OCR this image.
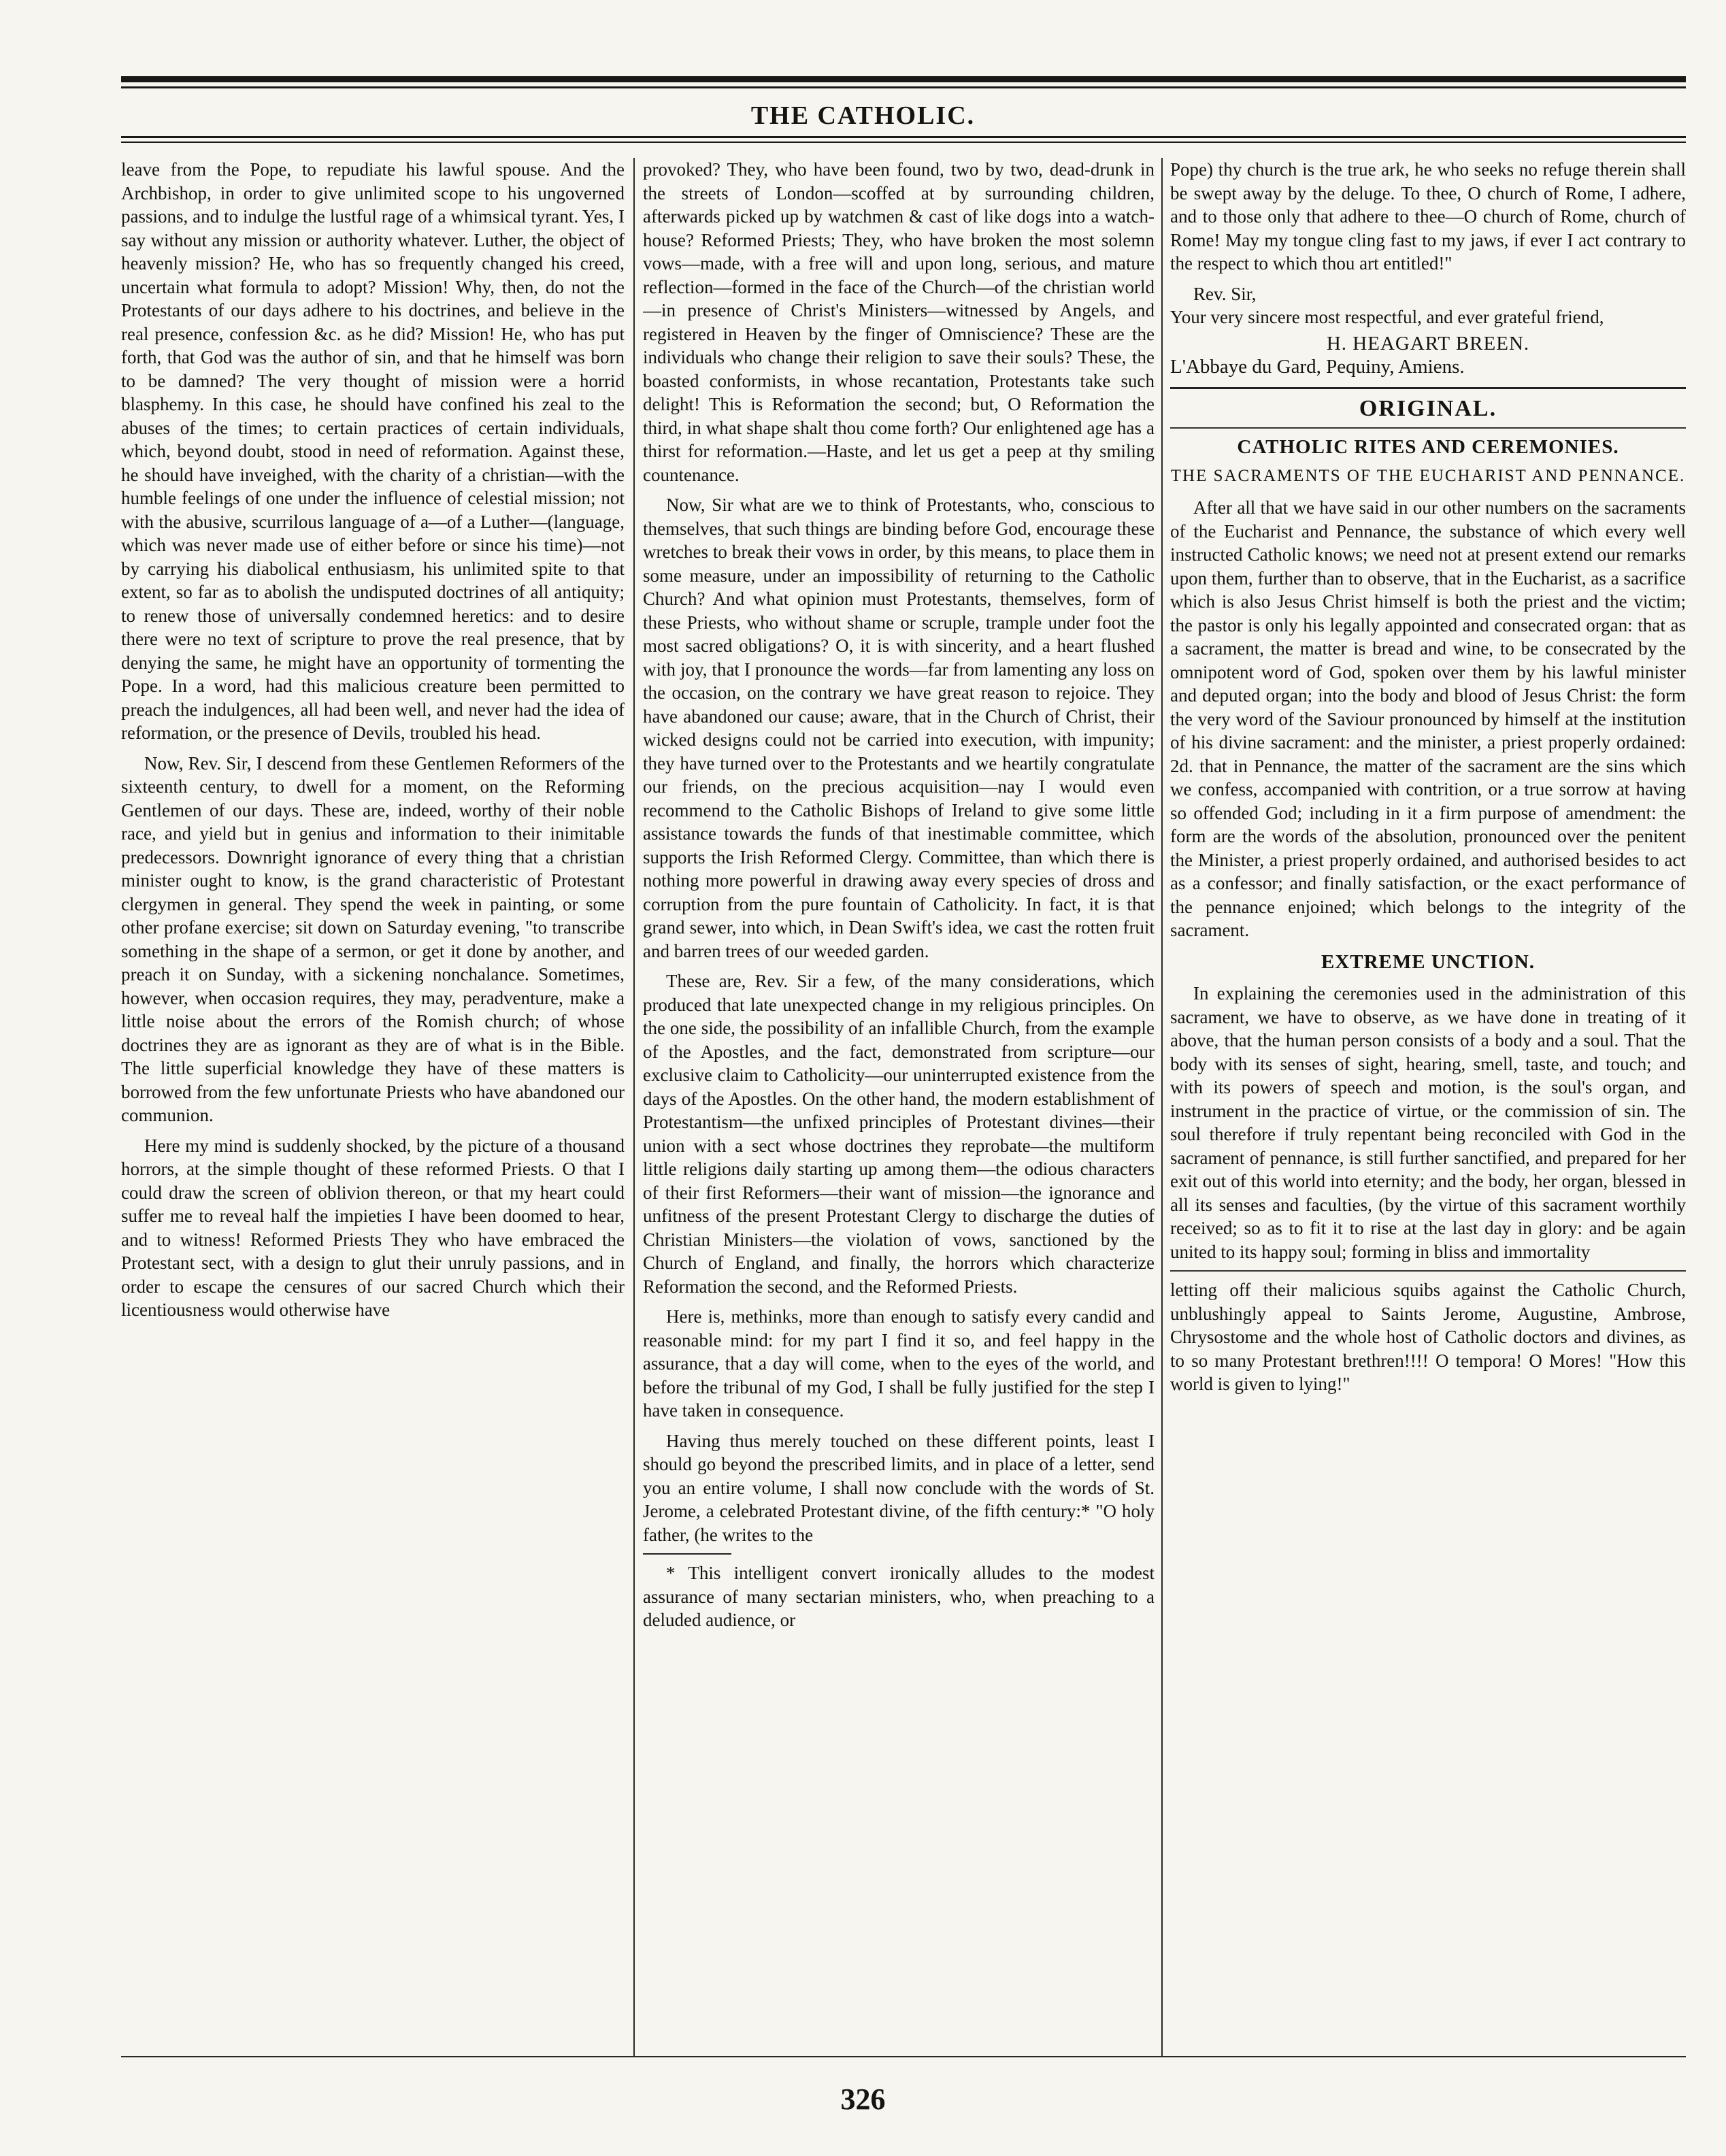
THE CATHOLIC.

leave from the Pope, to repudiate his lawful spouse. And the Archbishop, in order to give unlimited scope to his ungoverned passions, and to indulge the lustful rage of a whimsical tyrant. Yes, I say without any mission or authority whatever. Luther, the object of heavenly mission? He, who has so frequently changed his creed, uncertain what formula to adopt? Mission! Why, then, do not the Protestants of our days adhere to his doctrines, and believe in the real presence, confession &c. as he did? Mission! He, who has put forth, that God was the author of sin, and that he himself was born to be damned? The very thought of mission were a horrid blasphemy. In this case, he should have confined his zeal to the abuses of the times; to certain practices of certain individuals, which, beyond doubt, stood in need of reformation. Against these, he should have inveighed, with the charity of a christian—with the humble feelings of one under the influence of celestial mission; not with the abusive, scurrilous language of a—of a Luther—(language, which was never made use of either before or since his time)—not by carrying his diabolical enthusiasm, his unlimited spite to that extent, so far as to abolish the undisputed doctrines of all antiquity; to renew those of universally condemned heretics: and to desire there were no text of scripture to prove the real presence, that by denying the same, he might have an opportunity of tormenting the Pope. In a word, had this malicious creature been permitted to preach the indulgences, all had been well, and never had the idea of reformation, or the presence of Devils, troubled his head.

Now, Rev. Sir, I descend from these Gentlemen Reformers of the sixteenth century, to dwell for a moment, on the Reforming Gentlemen of our days. These are, indeed, worthy of their noble race, and yield but in genius and information to their inimitable predecessors. Downright ignorance of every thing that a christian minister ought to know, is the grand characteristic of Protestant clergymen in general. They spend the week in painting, or some other profane exercise; sit down on Saturday evening, "to transcribe something in the shape of a sermon, or get it done by another, and preach it on Sunday, with a sickening nonchalance. Sometimes, however, when occasion requires, they may, peradventure, make a little noise about the errors of the Romish church; of whose doctrines they are as ignorant as they are of what is in the Bible. The little superficial knowledge they have of these matters is borrowed from the few unfortunate Priests who have abandoned our communion.

Here my mind is suddenly shocked, by the picture of a thousand horrors, at the simple thought of these reformed Priests. O that I could draw the screen of oblivion thereon, or that my heart could suffer me to reveal half the impieties I have been doomed to hear, and to witness! Reformed Priests They who have embraced the Protestant sect, with a design to glut their unruly passions, and in order to escape the censures of our sacred Church which their licentiousness would otherwise have

provoked? They, who have been found, two by two, dead-drunk in the streets of London—scoffed at by surrounding children, afterwards picked up by watchmen & cast of like dogs into a watch-house? Reformed Priests; They, who have broken the most solemn vows—made, with a free will and upon long, serious, and mature reflection—formed in the face of the Church—of the christian world—in presence of Christ's Ministers—witnessed by Angels, and registered in Heaven by the finger of Omniscience? These are the individuals who change their religion to save their souls? These, the boasted conformists, in whose recantation, Protestants take such delight! This is Reformation the second; but, O Reformation the third, in what shape shalt thou come forth? Our enlightened age has a thirst for reformation.—Haste, and let us get a peep at thy smiling countenance.

Now, Sir what are we to think of Protestants, who, conscious to themselves, that such things are binding before God, encourage these wretches to break their vows in order, by this means, to place them in some measure, under an impossibility of returning to the Catholic Church? And what opinion must Protestants, themselves, form of these Priests, who without shame or scruple, trample under foot the most sacred obligations? O, it is with sincerity, and a heart flushed with joy, that I pronounce the words—far from lamenting any loss on the occasion, on the contrary we have great reason to rejoice. They have abandoned our cause; aware, that in the Church of Christ, their wicked designs could not be carried into execution, with impunity; they have turned over to the Protestants and we heartily congratulate our friends, on the precious acquisition—nay I would even recommend to the Catholic Bishops of Ireland to give some little assistance towards the funds of that inestimable committee, which supports the Irish Reformed Clergy. Committee, than which there is nothing more powerful in drawing away every species of dross and corruption from the pure fountain of Catholicity. In fact, it is that grand sewer, into which, in Dean Swift's idea, we cast the rotten fruit and barren trees of our weeded garden.

These are, Rev. Sir a few, of the many considerations, which produced that late unexpected change in my religious principles. On the one side, the possibility of an infallible Church, from the example of the Apostles, and the fact, demonstrated from scripture—our exclusive claim to Catholicity—our uninterrupted existence from the days of the Apostles. On the other hand, the modern establishment of Protestantism—the unfixed principles of Protestant divines—their union with a sect whose doctrines they reprobate—the multiform little religions daily starting up among them—the odious characters of their first Reformers—their want of mission—the ignorance and unfitness of the present Protestant Clergy to discharge the duties of Christian Ministers—the violation of vows, sanctioned by the Church of England, and finally, the horrors which characterize Reformation the second, and the Reformed Priests.

Here is, methinks, more than enough to satisfy every candid and reasonable mind: for my part I find it so, and feel happy in the assurance, that a day will come, when to the eyes of the world, and before the tribunal of my God, I shall be fully justified for the step I have taken in consequence.

Having thus merely touched on these different points, least I should go beyond the prescribed limits, and in place of a letter, send you an entire volume, I shall now conclude with the words of St. Jerome, a celebrated Protestant divine, of the fifth century:* "O holy father, (he writes to the

* This intelligent convert ironically alludes to the modest assurance of many sectarian ministers, who, when preaching to a deluded audience, or

Pope) thy church is the true ark, he who seeks no refuge therein shall be swept away by the deluge. To thee, O church of Rome, I adhere, and to those only that adhere to thee—O church of Rome, church of Rome! May my tongue cling fast to my jaws, if ever I act contrary to the respect to which thou art entitled!"

Rev. Sir,

Your very sincere most respectful, and ever grateful friend,

H. HEAGART BREEN.

L'Abbaye du Gard, Pequiny, Amiens.

ORIGINAL.

CATHOLIC RITES AND CEREMONIES.

THE SACRAMENTS OF THE EUCHARIST AND PENNANCE.

After all that we have said in our other numbers on the sacraments of the Eucharist and Pennance, the substance of which every well instructed Catholic knows; we need not at present extend our remarks upon them, further than to observe, that in the Eucharist, as a sacrifice which is also Jesus Christ himself is both the priest and the victim; the pastor is only his legally appointed and consecrated organ: that as a sacrament, the matter is bread and wine, to be consecrated by the omnipotent word of God, spoken over them by his lawful minister and deputed organ; into the body and blood of Jesus Christ: the form the very word of the Saviour pronounced by himself at the institution of his divine sacrament: and the minister, a priest properly ordained: 2d. that in Pennance, the matter of the sacrament are the sins which we confess, accompanied with contrition, or a true sorrow at having so offended God; including in it a firm purpose of amendment: the form are the words of the absolution, pronounced over the penitent the Minister, a priest properly ordained, and authorised besides to act as a confessor; and finally satisfaction, or the exact performance of the pennance enjoined; which belongs to the integrity of the sacrament.

EXTREME UNCTION.

In explaining the ceremonies used in the administration of this sacrament, we have to observe, as we have done in treating of it above, that the human person consists of a body and a soul. That the body with its senses of sight, hearing, smell, taste, and touch; and with its powers of speech and motion, is the soul's organ, and instrument in the practice of virtue, or the commission of sin. The soul therefore if truly repentant being reconciled with God in the sacrament of pennance, is still further sanctified, and prepared for her exit out of this world into eternity; and the body, her organ, blessed in all its senses and faculties, (by the virtue of this sacrament worthily received; so as to fit it to rise at the last day in glory: and be again united to its happy soul; forming in bliss and immortality

letting off their malicious squibs against the Catholic Church, unblushingly appeal to Saints Jerome, Augustine, Ambrose, Chrysostome and the whole host of Catholic doctors and divines, as to so many Protestant brethren!!!! O tempora! O Mores! "How this world is given to lying!"

326
